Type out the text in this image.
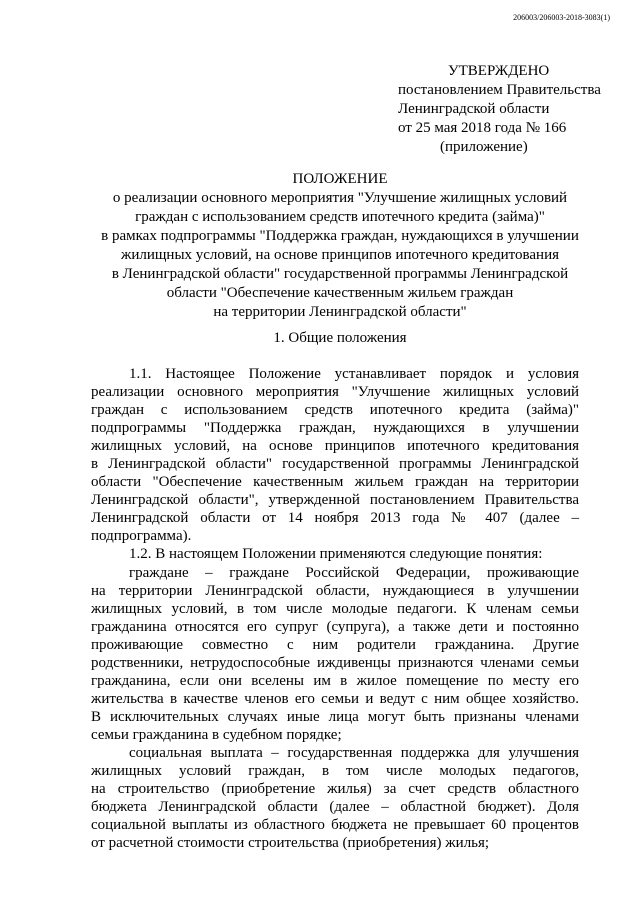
206003/206003-2018-3083(1)
УТВЕРЖДЕНО
постановлением Правительства
Ленинградской области
от 25 мая 2018 года № 166
(приложение)
ПОЛОЖЕНИЕ
о реализации основного мероприятия "Улучшение жилищных условий
граждан с использованием средств ипотечного кредита (займа)"
в рамках подпрограммы "Поддержка граждан, нуждающихся в улучшении
жилищных условий, на основе принципов ипотечного кредитования
в Ленинградской области" государственной программы Ленинградской
области "Обеспечение качественным жильем граждан
на территории Ленинградской области"
1. Общие положения
1.1. Настоящее Положение устанавливает порядок и условия
реализации основного мероприятия "Улучшение жилищных условий
граждан с использованием средств ипотечного кредита (займа)"
подпрограммы "Поддержка граждан, нуждающихся в улучшении
жилищных условий, на основе принципов ипотечного кредитования
в Ленинградской области" государственной программы Ленинградской
области "Обеспечение качественным жильем граждан на территории
Ленинградской области", утвержденной постановлением Правительства
Ленинградской области от 14 ноября 2013 года № 407 (далее –
подпрограмма).
1.2. В настоящем Положении применяются следующие понятия:
граждане – граждане Российской Федерации, проживающие
на территории Ленинградской области, нуждающиеся в улучшении
жилищных условий, в том числе молодые педагоги. К членам семьи
гражданина относятся его супруг (супруга), а также дети и постоянно
проживающие совместно с ним родители гражданина. Другие
родственники, нетрудоспособные иждивенцы признаются членами семьи
гражданина, если они вселены им в жилое помещение по месту его
жительства в качестве членов его семьи и ведут с ним общее хозяйство.
В исключительных случаях иные лица могут быть признаны членами
семьи гражданина в судебном порядке;
социальная выплата – государственная поддержка для улучшения
жилищных условий граждан, в том числе молодых педагогов,
на строительство (приобретение жилья) за счет средств областного
бюджета Ленинградской области (далее – областной бюджет). Доля
социальной выплаты из областного бюджета не превышает 60 процентов
от расчетной стоимости строительства (приобретения) жилья;
